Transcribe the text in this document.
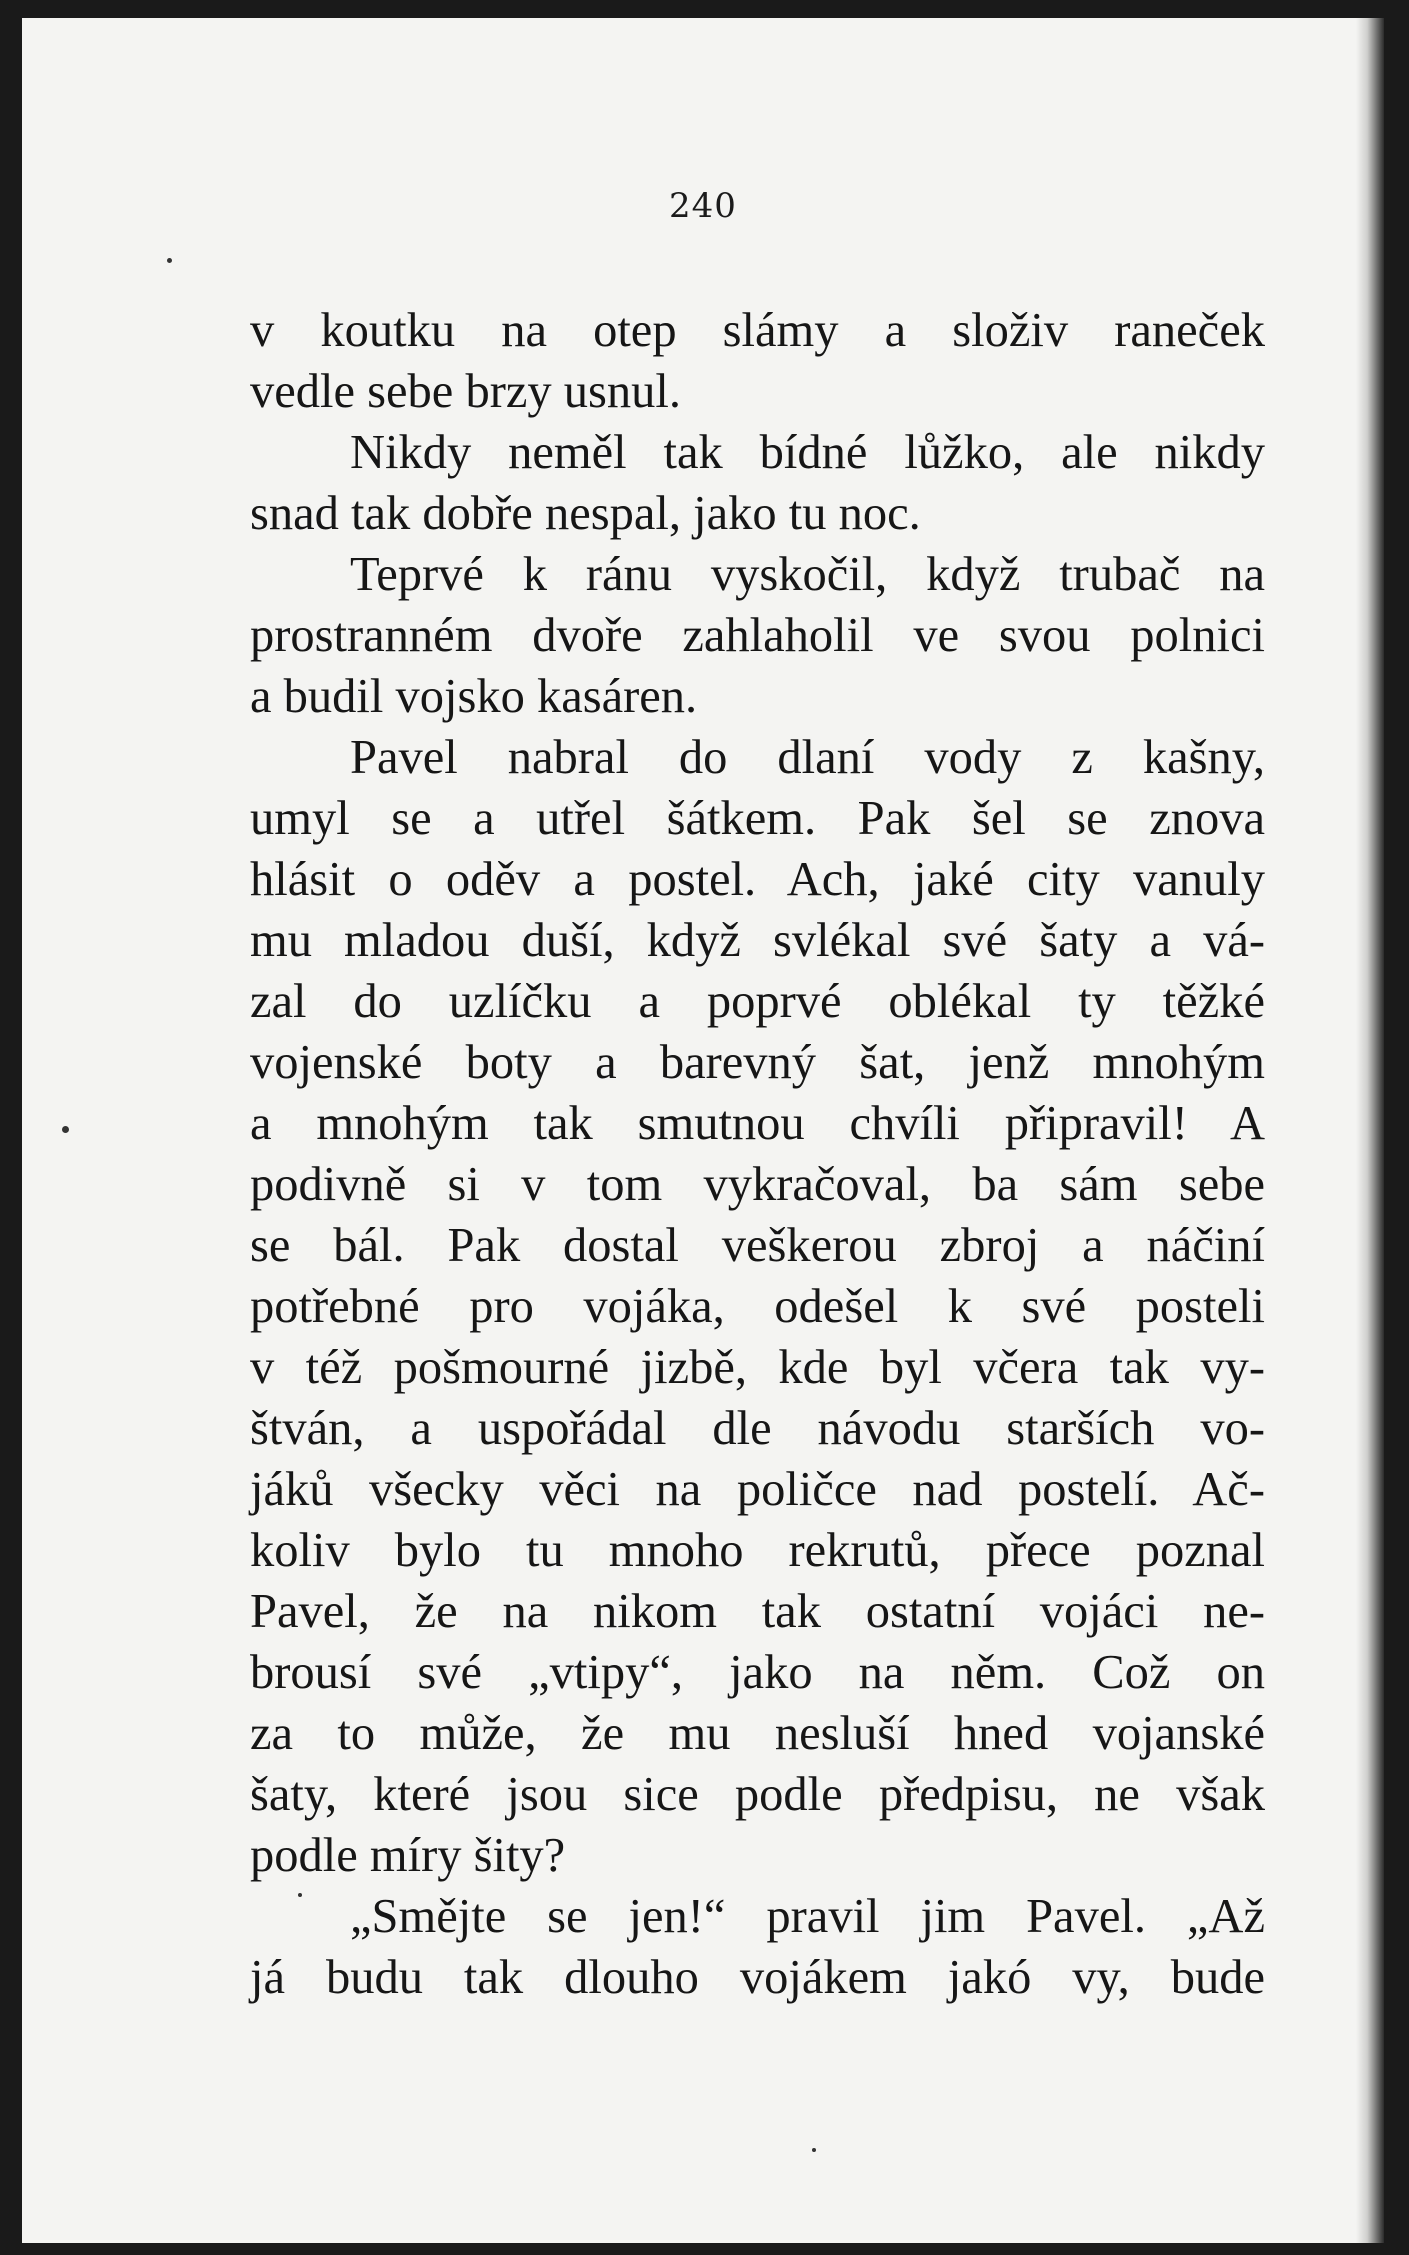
240
v koutku na otep slámy a složiv raneček
vedle sebe brzy usnul.
Nikdy neměl tak bídné lůžko, ale nikdy
snad tak dobře nespal, jako tu noc.
Teprvé k ránu vyskočil, když trubač na
prostranném dvoře zahlaholil ve svou polnici
a budil vojsko kasáren.
Pavel nabral do dlaní vody z kašny,
umyl se a utřel šátkem. Pak šel se znova
hlásit o oděv a postel. Ach, jaké city vanuly
mu mladou duší, když svlékal své šaty a vá-
zal do uzlíčku a poprvé oblékal ty těžké
vojenské boty a barevný šat, jenž mnohým
a mnohým tak smutnou chvíli připravil! A
podivně si v tom vykračoval, ba sám sebe
se bál. Pak dostal veškerou zbroj a náčiní
potřebné pro vojáka, odešel k své posteli
v též pošmourné jizbě, kde byl včera tak vy-
štván, a uspořádal dle návodu starších vo-
jáků všecky věci na poličce nad postelí. Ač-
koliv bylo tu mnoho rekrutů, přece poznal
Pavel, že na nikom tak ostatní vojáci ne-
brousí své „vtipy“, jako na něm. Což on
za to může, že mu nesluší hned vojanské
šaty, které jsou sice podle předpisu, ne však
podle míry šity?
„Smějte se jen!“ pravil jim Pavel. „Až
já budu tak dlouho vojákem jakó vy, bude
